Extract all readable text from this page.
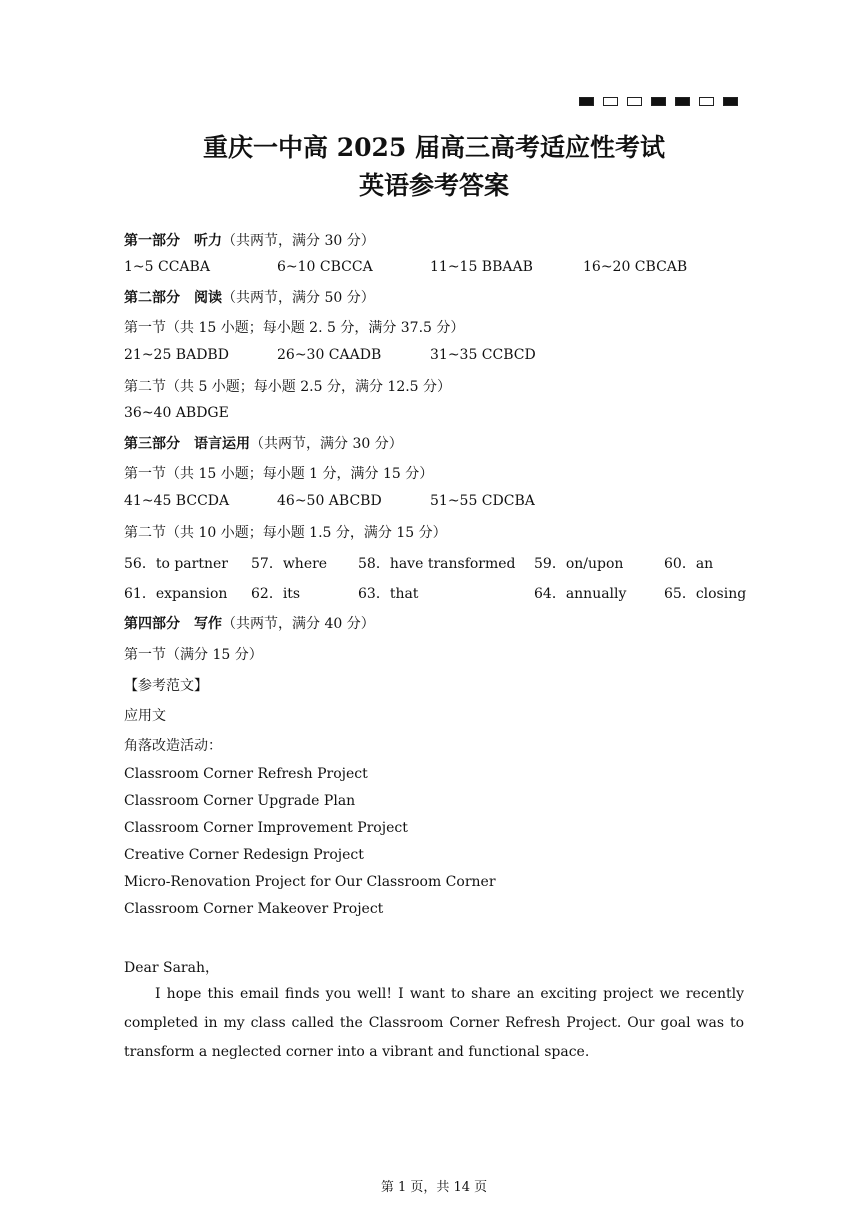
重庆一中高 2025 届高三高考适应性考试
英语参考答案
第一部分　听力（共两节，满分 30 分）
1~5 CCABA	6~10 CBCCA	11~15 BBAAB	16~20 CBCAB
第二部分　阅读（共两节，满分 50 分）
第一节（共 15 小题；每小题 2. 5 分，满分 37.5 分）
21~25 BADBD	26~30 CAADB	31~35 CCBCD
第二节（共 5 小题；每小题 2.5 分，满分 12.5 分）
36~40 ABDGE
第三部分　语言运用（共两节，满分 30 分）
第一节（共 15 小题；每小题 1 分，满分 15 分）
41~45 BCCDA	46~50 ABCBD	51~55 CDCBA
第二节（共 10 小题；每小题 1.5 分，满分 15 分）
56．to partner 57．where 58．have transformed 59．on/upon	60．an
61．expansion 62．its	63．that	64．annually	65．closing
第四部分　写作（共两节，满分 40 分）
第一节（满分 15 分）
【参考范文】
应用文
角落改造活动：
Classroom Corner Refresh Project
Classroom Corner Upgrade Plan
Classroom Corner Improvement Project
Creative Corner Redesign Project
Micro-Renovation Project for Our Classroom Corner
Classroom Corner Makeover Project
Dear Sarah，
I hope this email finds you well! I want to share an exciting project we recently completed in my class called the Classroom Corner Refresh Project. Our goal was to transform a neglected corner into a vibrant and functional space.
第 1 页，共 14 页
